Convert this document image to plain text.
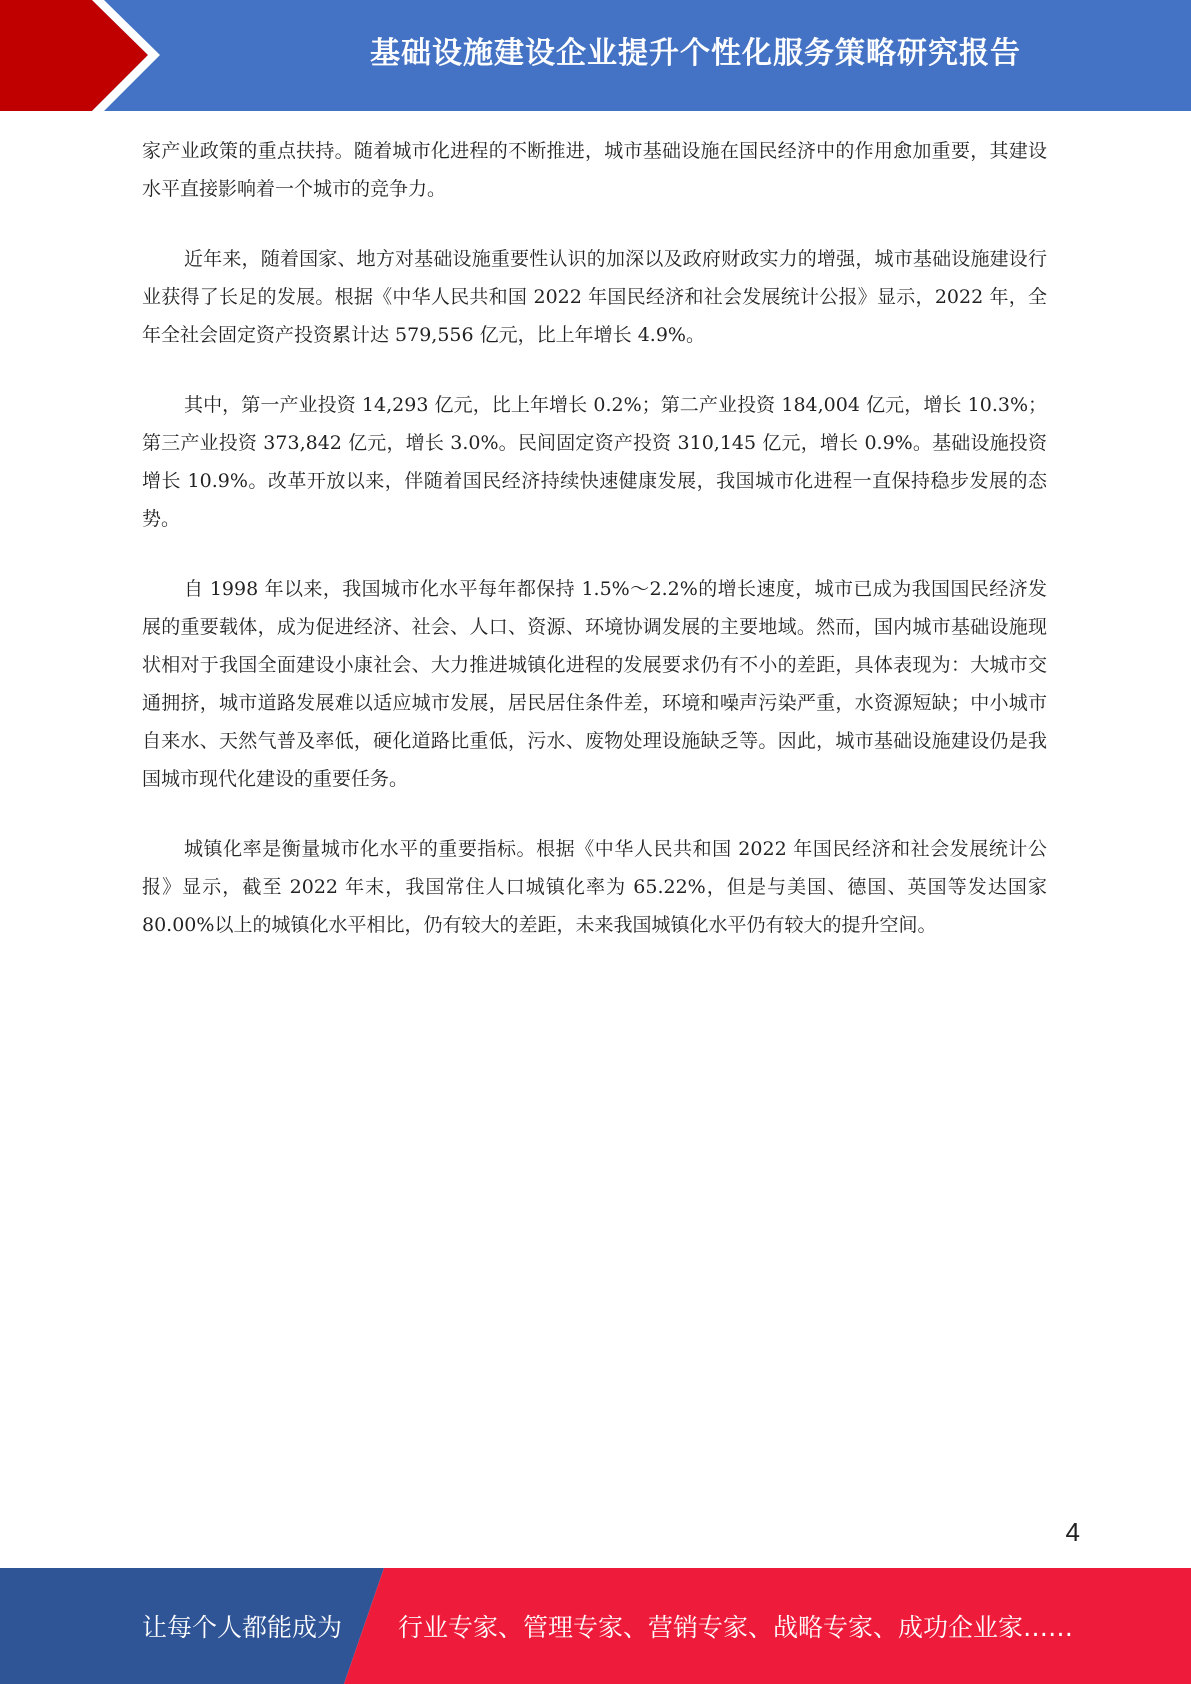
基础设施建设企业提升个性化服务策略研究报告

家产业政策的重点扶持。随着城市化进程的不断推进，城市基础设施在国民经济中的作用愈加重要，其建设水平直接影响着一个城市的竞争力。

近年来，随着国家、地方对基础设施重要性认识的加深以及政府财政实力的增强，城市基础设施建设行业获得了长足的发展。根据《中华人民共和国 2022 年国民经济和社会发展统计公报》显示，2022 年，全年全社会固定资产投资累计达 579,556 亿元，比上年增长 4.9%。

其中，第一产业投资 14,293 亿元，比上年增长 0.2%；第二产业投资 184,004 亿元，增长 10.3%；第三产业投资 373,842 亿元，增长 3.0%。民间固定资产投资 310,145 亿元，增长 0.9%。基础设施投资增长 10.9%。改革开放以来，伴随着国民经济持续快速健康发展，我国城市化进程一直保持稳步发展的态势。

自 1998 年以来，我国城市化水平每年都保持 1.5%～2.2%的增长速度，城市已成为我国国民经济发展的重要载体，成为促进经济、社会、人口、资源、环境协调发展的主要地域。然而，国内城市基础设施现状相对于我国全面建设小康社会、大力推进城镇化进程的发展要求仍有不小的差距，具体表现为：大城市交通拥挤，城市道路发展难以适应城市发展，居民居住条件差，环境和噪声污染严重，水资源短缺；中小城市自来水、天然气普及率低，硬化道路比重低，污水、废物处理设施缺乏等。因此，城市基础设施建设仍是我国城市现代化建设的重要任务。

城镇化率是衡量城市化水平的重要指标。根据《中华人民共和国 2022 年国民经济和社会发展统计公报》显示，截至 2022 年末，我国常住人口城镇化率为 65.22%，但是与美国、德国、英国等发达国家 80.00%以上的城镇化水平相比，仍有较大的差距，未来我国城镇化水平仍有较大的提升空间。

4
让每个人都能成为 行业专家、管理专家、营销专家、战略专家、成功企业家……
